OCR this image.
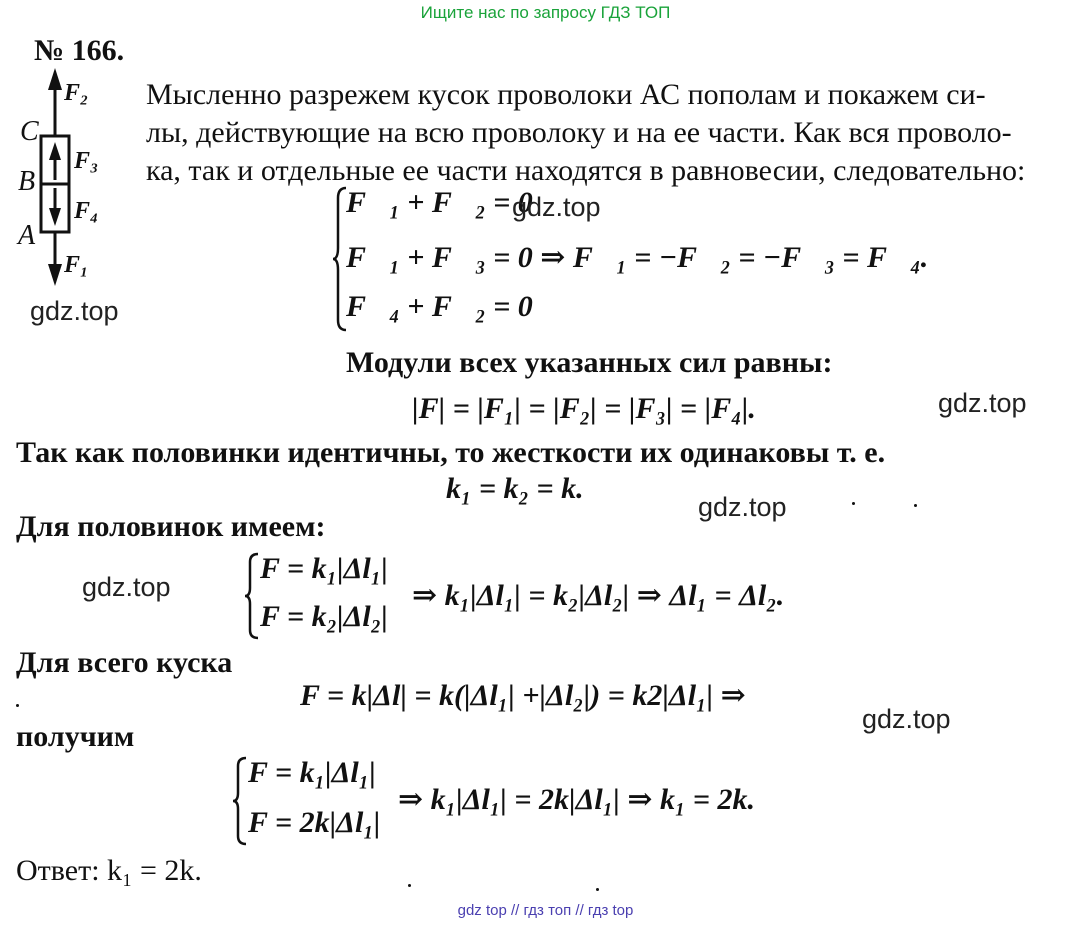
Ищите нас по запросу ГДЗ ТОП
№ 166.
C
B
A
F₂
F₃
F₄
F₁
gdz.top
Мысленно разрежем кусок проволоки АС пополам и покажем си-
лы, действующие на всю проволоку и на ее части. Как вся проволо-
ка, так и отдельные ее части находятся в равновесии, следовательно:
F⃗₁ + F⃗₂ = 0
gdz.top
F⃗₁ + F⃗₃ = 0 ⇒ F⃗₁ = −F⃗₂ = −F⃗₃ = F⃗₄.
F⃗₄ + F⃗₂ = 0
Модули всех указанных сил равны:
|F| = |F₁| = |F₂| = |F₃| = |F₄|.	gdz.top
Так как половинки идентичны, то жесткости их одинаковы т. е.
k₁ = k₂ = k.
gdz.top
Для половинок имеем:
gdz.top
F = k₁|Δl₁|
F = k₂|Δl₂|
⇒ k₁|Δl₁| = k₂|Δl₂| ⇒ Δl₁ = Δl₂.
Для всего куска
F = k|Δl| = k(|Δl₁| +|Δl₂|) = k2|Δl₁| ⇒
gdz.top
получим
F = k₁|Δl₁|
F = 2k|Δl₁|
⇒ k₁|Δl₁| = 2k|Δl₁| ⇒ k₁ = 2k.
Ответ: k₁ = 2k.
gdz top // гдз топ // гдз top
